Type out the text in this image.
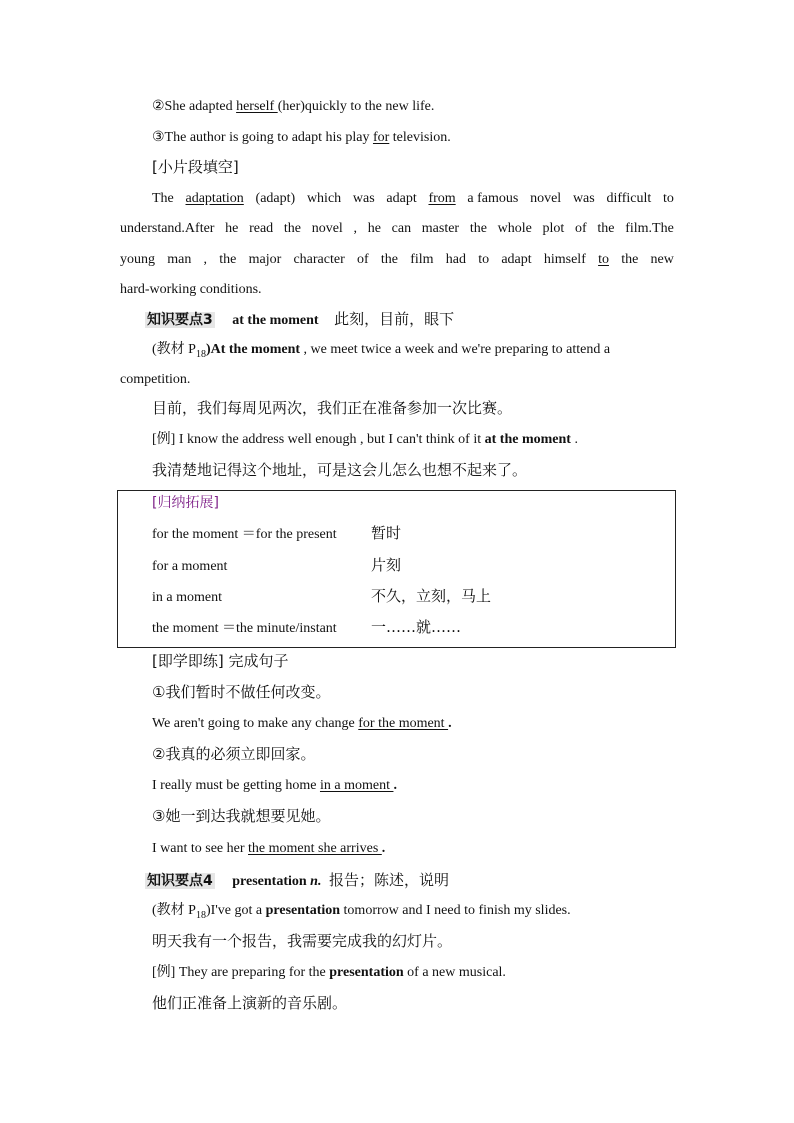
②She adapted herself (her)quickly to the new life.
③The author is going to adapt his play for television.
[小片段填空]
The adaptation (adapt) which was adapt from a famous novel was difficult to
understand.After he read the novel , he can master the whole plot of the film.The
young man , the major character of the film had to adapt himself to the new
hard-working conditions.
知识要点3 at the moment 此刻，目前，眼下
(教材 $P_{18})At$ the moment , we meet twice a week and we're preparing to attend a
competition.
目前，我们每周见两次，我们正在准备参加一次比赛。
[例] I know the address well enough , but I can't think of it at the moment .
我清楚地记得这个地址，可是这会儿怎么也想不起来了。
[归纳拓展]
for the moment ＝for the present 暂时
for a moment	片刻
in a moment	不久，立刻，马上
the moment ＝the minute/instant 一……就……
[即学即练] 完成句子
①我们暂时不做任何改变。
We aren't going to make any change for the moment .
②我真的必须立即回家。
I really must be getting home in a moment .
③她一到达我就想要见她。
I want to see her the moment she arrives .
知识要点4 presentation n. 报告；陈述，说明
(教材 $P_{18})I've$ got a presentation tomorrow and I need to finish my slides.
明天我有一个报告，我需要完成我的幻灯片。
[例] They are preparing for the presentation of a new musical.
他们正准备上演新的音乐剧。
